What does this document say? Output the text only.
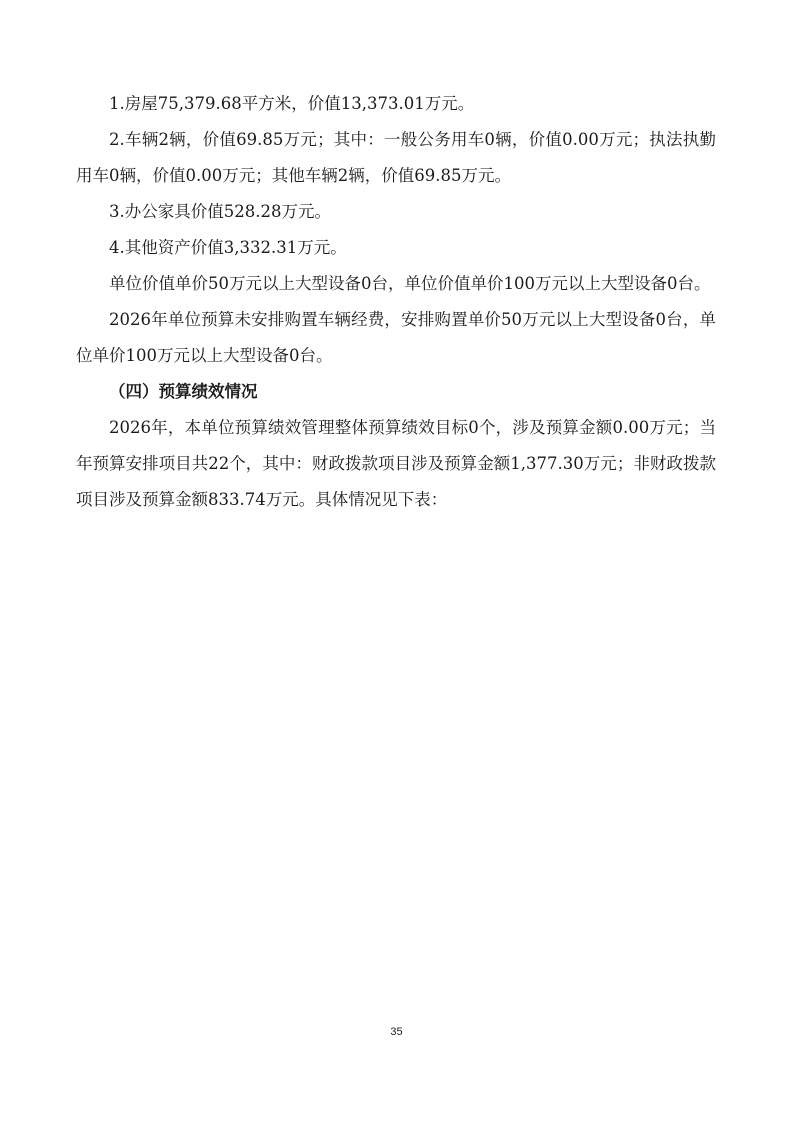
1.房屋75,379.68平方米，价值13,373.01万元。

2.车辆2辆，价值69.85万元；其中：一般公务用车0辆，价值0.00万元；执法执勤用车0辆，价值0.00万元；其他车辆2辆，价值69.85万元。

3.办公家具价值528.28万元。

4.其他资产价值3,332.31万元。

单位价值单价50万元以上大型设备0台，单位价值单价100万元以上大型设备0台。

2026年单位预算未安排购置车辆经费，安排购置单价50万元以上大型设备0台，单位单价100万元以上大型设备0台。

（四）预算绩效情况

2026年，本单位预算绩效管理整体预算绩效目标0个，涉及预算金额0.00万元；当年预算安排项目共22个，其中：财政拨款项目涉及预算金额1,377.30万元；非财政拨款项目涉及预算金额833.74万元。具体情况见下表：

35
